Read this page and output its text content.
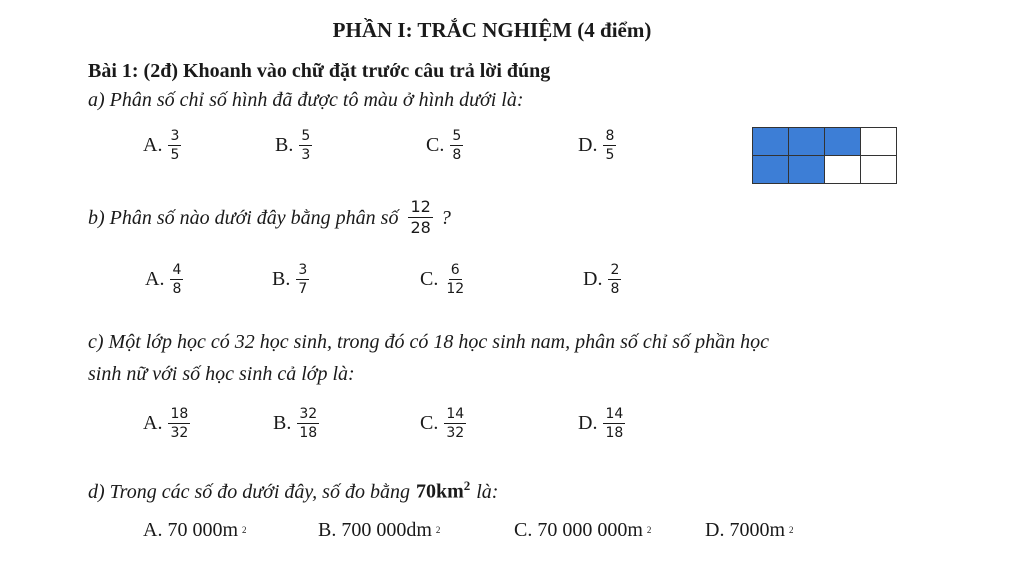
PHẦN I: TRẮC NGHIỆM (4 điểm)
Bài 1: (2đ) Khoanh vào chữ đặt trước câu trả lời đúng
a) Phân số chỉ số hình đã được tô màu ở hình dưới là:
A. $\frac{3}{5}$	B. $\frac{5}{3}$	C. $\frac{5}{8}$	D. $\frac{8}{5}$
b) Phân số nào dưới đây bằng phân số $\frac{12}{28}$ ?
A. $\frac{4}{8}$	B. $\frac{3}{7}$	C. $\frac{6}{12}$	D. $\frac{2}{8}$
c) Một lớp học có 32 học sinh, trong đó có 18 học sinh nam, phân số chỉ số phần học
sinh nữ với số học sinh cả lớp là:
A. $\frac{18}{32}$	B. $\frac{32}{18}$	C. $\frac{14}{32}$	D. $\frac{14}{18}$
d) Trong các số đo dưới đây, số đo bằng $70km^2$ là:
A. 70 000m $^2$	B. 700 000dm $^2$	C. 70 000 000m $^2$	D. 7000m $^2$
